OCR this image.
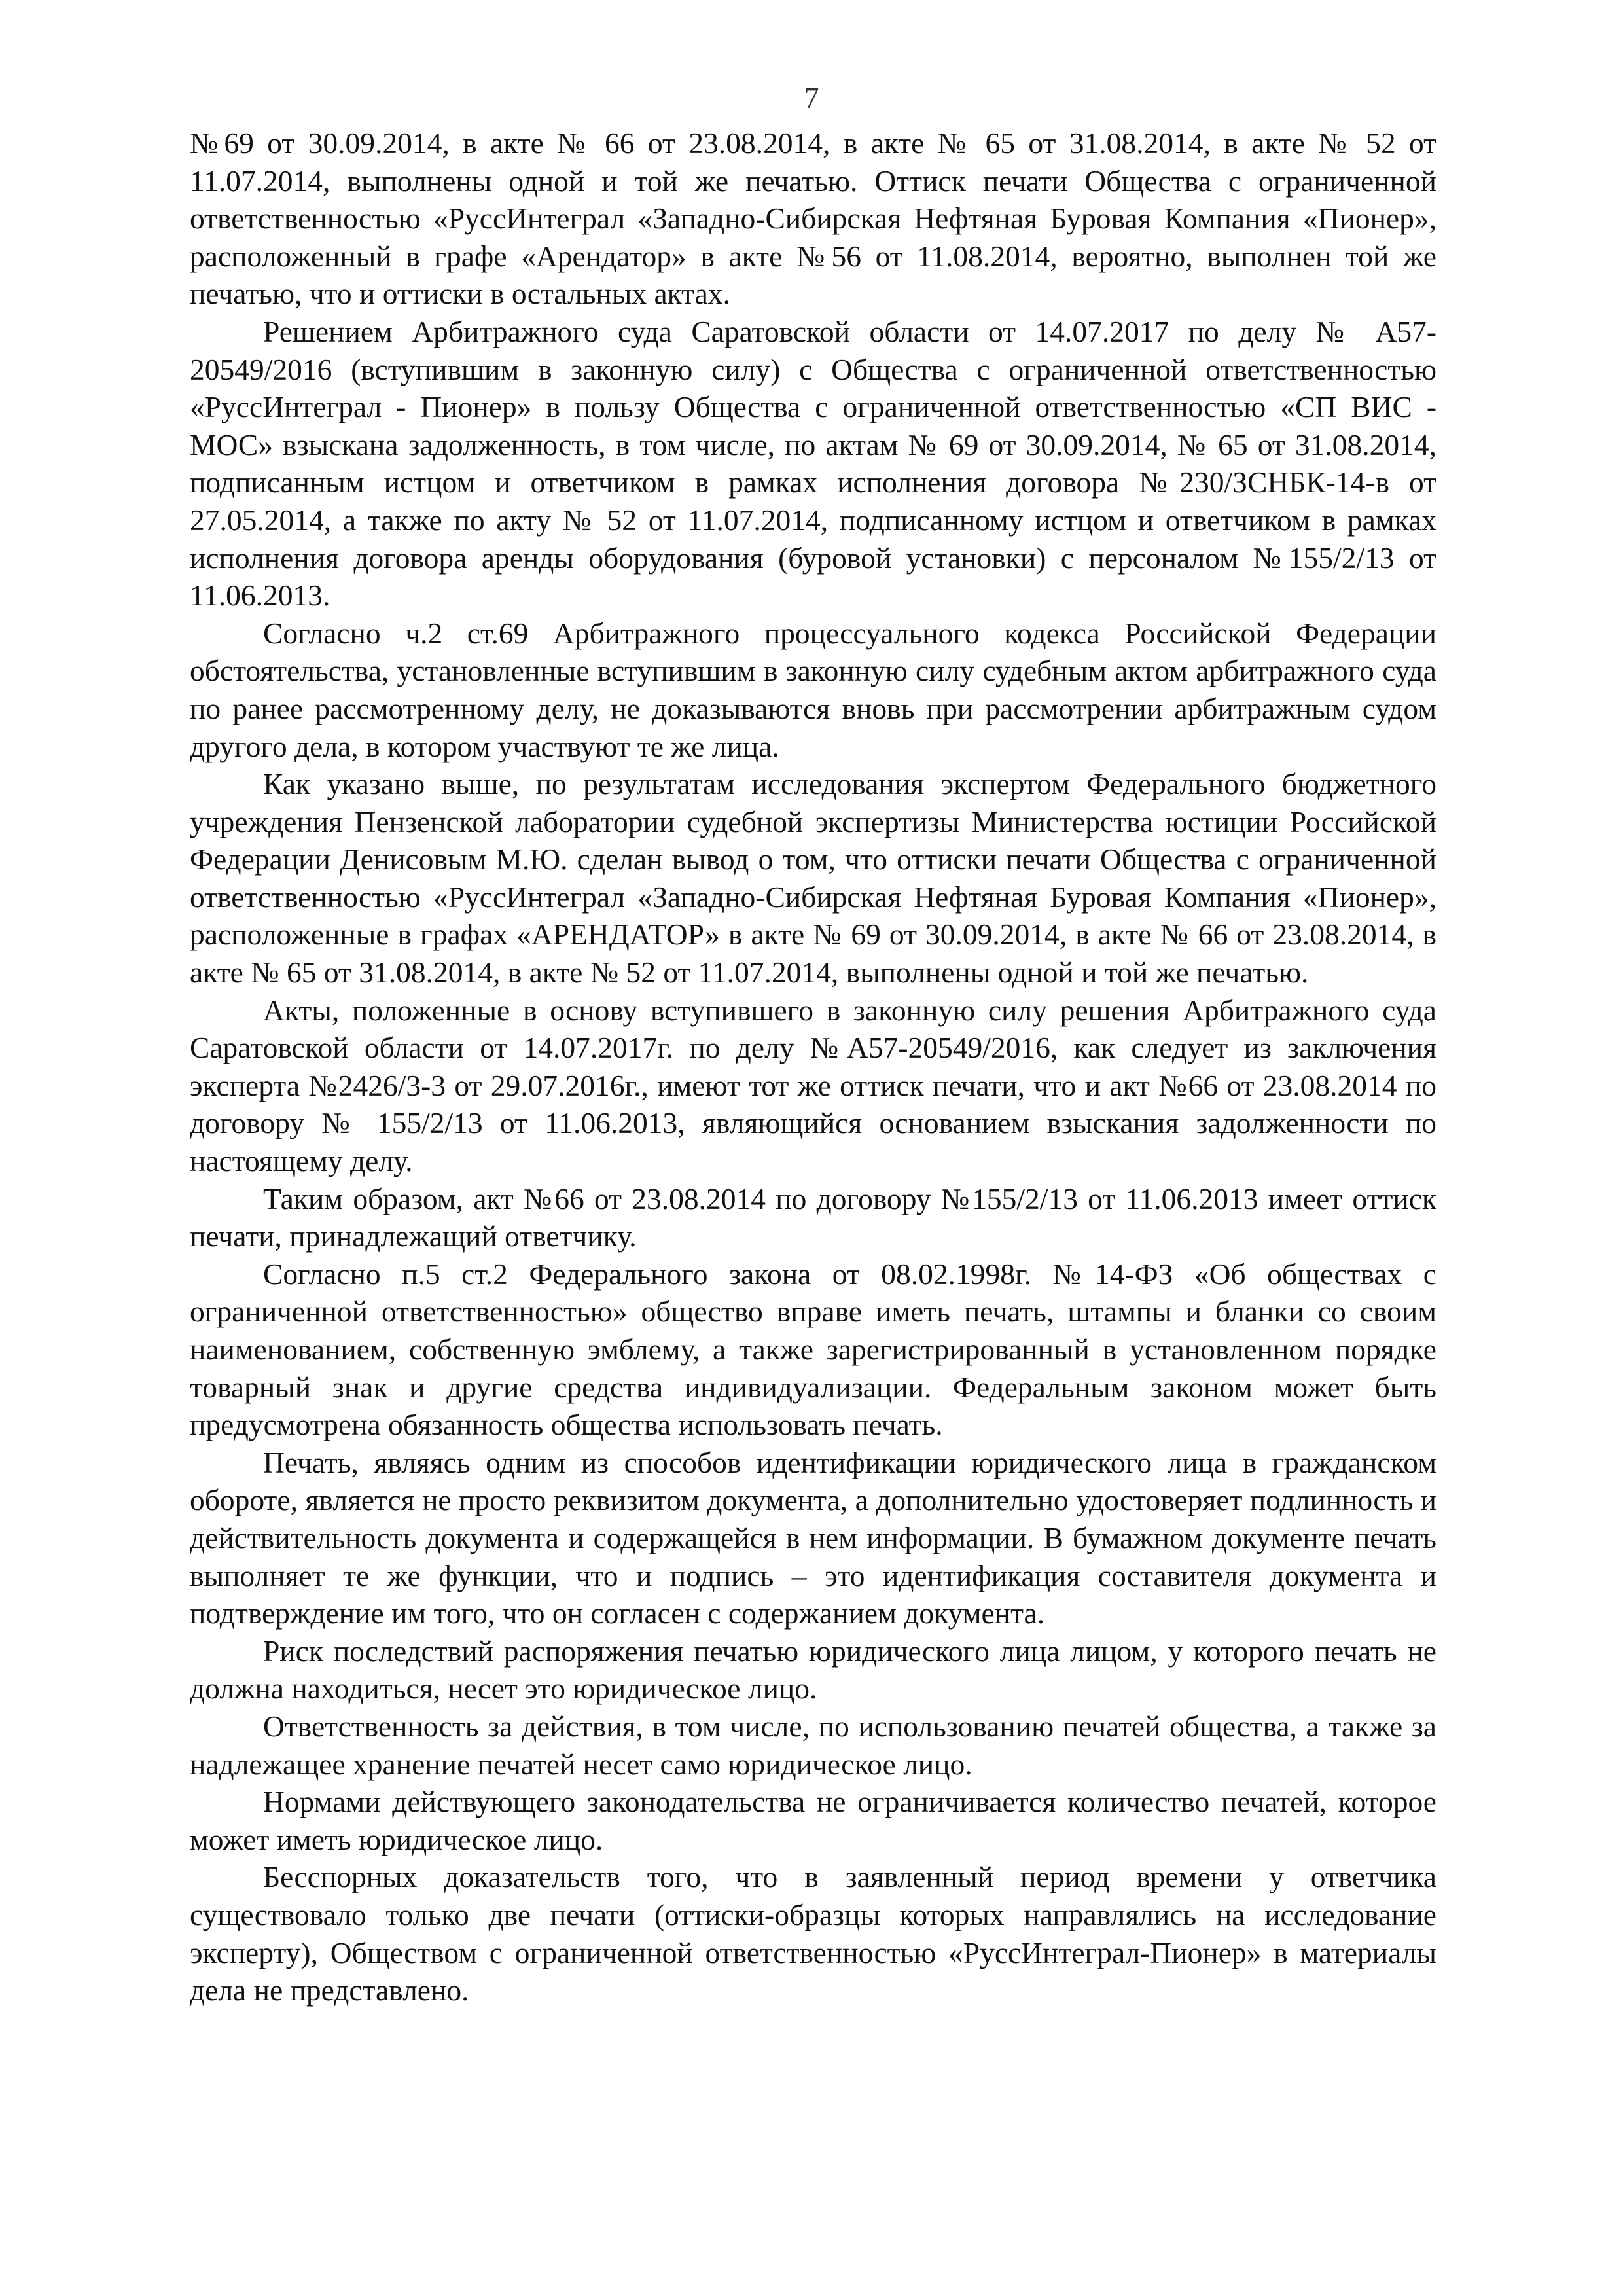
7

№69 от 30.09.2014, в акте № 66 от 23.08.2014, в акте № 65 от 31.08.2014, в акте № 52 от 11.07.2014, выполнены одной и той же печатью. Оттиск печати Общества с ограниченной ответственностью «РуссИнтеграл «Западно-Сибирская Нефтяная Буровая Компания «Пионер», расположенный в графе «Арендатор» в акте №56 от 11.08.2014, вероятно, выполнен той же печатью, что и оттиски в остальных актах.

Решением Арбитражного суда Саратовской области от 14.07.2017 по делу № А57-20549/2016 (вступившим в законную силу) с Общества с ограниченной ответственностью «РуссИнтеграл - Пионер» в пользу Общества с ограниченной ответственностью «СП ВИС - МОС» взыскана задолженность, в том числе, по актам № 69 от 30.09.2014, № 65 от 31.08.2014, подписанным истцом и ответчиком в рамках исполнения договора №230/ЗСНБК-14-в от 27.05.2014, а также по акту № 52 от 11.07.2014, подписанному истцом и ответчиком в рамках исполнения договора аренды оборудования (буровой установки) с персоналом №155/2/13 от 11.06.2013.

Согласно ч.2 ст.69 Арбитражного процессуального кодекса Российской Федерации обстоятельства, установленные вступившим в законную силу судебным актом арбитражного суда по ранее рассмотренному делу, не доказываются вновь при рассмотрении арбитражным судом другого дела, в котором участвуют те же лица.

Как указано выше, по результатам исследования экспертом Федерального бюджетного учреждения Пензенской лаборатории судебной экспертизы Министерства юстиции Российской Федерации Денисовым М.Ю. сделан вывод о том, что оттиски печати Общества с ограниченной ответственностью «РуссИнтеграл «Западно-Сибирская Нефтяная Буровая Компания «Пионер», расположенные в графах «АРЕНДАТОР» в акте № 69 от 30.09.2014, в акте № 66 от 23.08.2014, в акте № 65 от 31.08.2014, в акте № 52 от 11.07.2014, выполнены одной и той же печатью.

Акты, положенные в основу вступившего в законную силу решения Арбитражного суда Саратовской области от 14.07.2017г. по делу №А57-20549/2016, как следует из заключения эксперта №2426/3-3 от 29.07.2016г., имеют тот же оттиск печати, что и акт №66 от 23.08.2014 по договору № 155/2/13 от 11.06.2013, являющийся основанием взыскания задолженности по настоящему делу.

Таким образом, акт №66 от 23.08.2014 по договору №155/2/13 от 11.06.2013 имеет оттиск печати, принадлежащий ответчику.

Согласно п.5 ст.2 Федерального закона от 08.02.1998г. №14-ФЗ «Об обществах с ограниченной ответственностью» общество вправе иметь печать, штампы и бланки со своим наименованием, собственную эмблему, а также зарегистрированный в установленном порядке товарный знак и другие средства индивидуализации. Федеральным законом может быть предусмотрена обязанность общества использовать печать.

Печать, являясь одним из способов идентификации юридического лица в гражданском обороте, является не просто реквизитом документа, а дополнительно удостоверяет подлинность и действительность документа и содержащейся в нем информации. В бумажном документе печать выполняет те же функции, что и подпись – это идентификация составителя документа и подтверждение им того, что он согласен с содержанием документа.

Риск последствий распоряжения печатью юридического лица лицом, у которого печать не должна находиться, несет это юридическое лицо.

Ответственность за действия, в том числе, по использованию печатей общества, а также за надлежащее хранение печатей несет само юридическое лицо.

Нормами действующего законодательства не ограничивается количество печатей, которое может иметь юридическое лицо.

Бесспорных доказательств того, что в заявленный период времени у ответчика существовало только две печати (оттиски-образцы которых направлялись на исследование эксперту), Обществом с ограниченной ответственностью «РуссИнтеграл-Пионер» в материалы дела не представлено.
